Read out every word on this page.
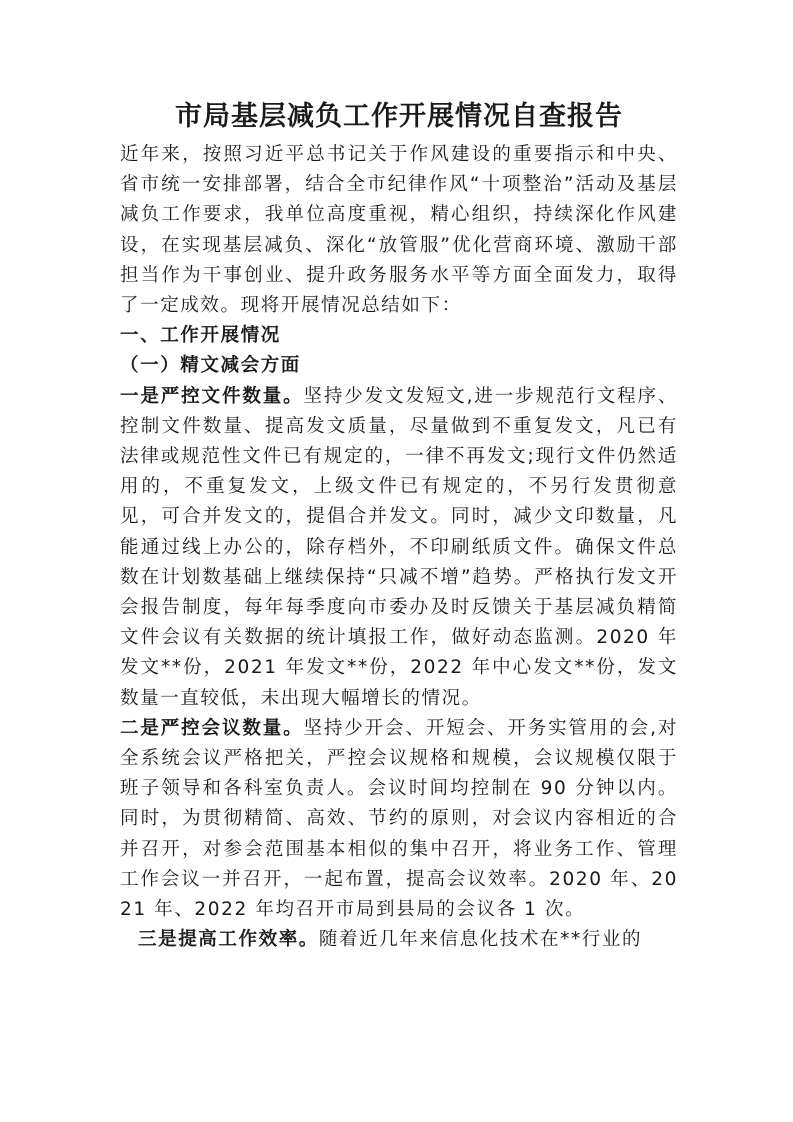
市局基层减负工作开展情况自查报告

近年来，按照习近平总书记关于作风建设的重要指示和中央、省市统一安排部署，结合全市纪律作风“十项整治”活动及基层减负工作要求，我单位高度重视，精心组织，持续深化作风建设，在实现基层减负、深化“放管服”优化营商环境、激励干部担当作为干事创业、提升政务服务水平等方面全面发力，取得了一定成效。现将开展情况总结如下：

一、工作开展情况

（一）精文减会方面

一是严控文件数量。坚持少发文发短文,进一步规范行文程序、 控制文件数量、提高发文质量，尽量做到不重复发文，凡已有法律或规范性文件已有规定的，一律不再发文;现行文件仍然适用的，不重复发文，上级文件已有规定的，不另行发贯彻意见，可合并发文的，提倡合并发文。同时，减少文印数量，凡能通过线上办公的，除存档外，不印刷纸质文件。确保文件总数在计划数基础上继续保持“只减不增”趋势。严格执行发文开会报告制度，每年每季度向市委办及时反馈关于基层减负精简文件会议有关数据的统计填报工作，做好动态监测。2020 年发文**份，2021 年发文**份，2022 年中心发文**份，发文数量一直较低，未出现大幅增长的情况。

二是严控会议数量。坚持少开会、开短会、开务实管用的会,对全系统会议严格把关，严控会议规格和规模，会议规模仅限于班子领导和各科室负责人。会议时间均控制在 90 分钟以内。同时，为贯彻精简、高效、节约的原则，对会议内容相近的合并召开，对参会范围基本相似的集中召开，将业务工作、管理工作会议一并召开，一起布置，提高会议效率。2020 年、2021 年、2022 年均召开市局到县局的会议各 1 次。

三是提高工作效率。随着近几年来信息化技术在**行业的
